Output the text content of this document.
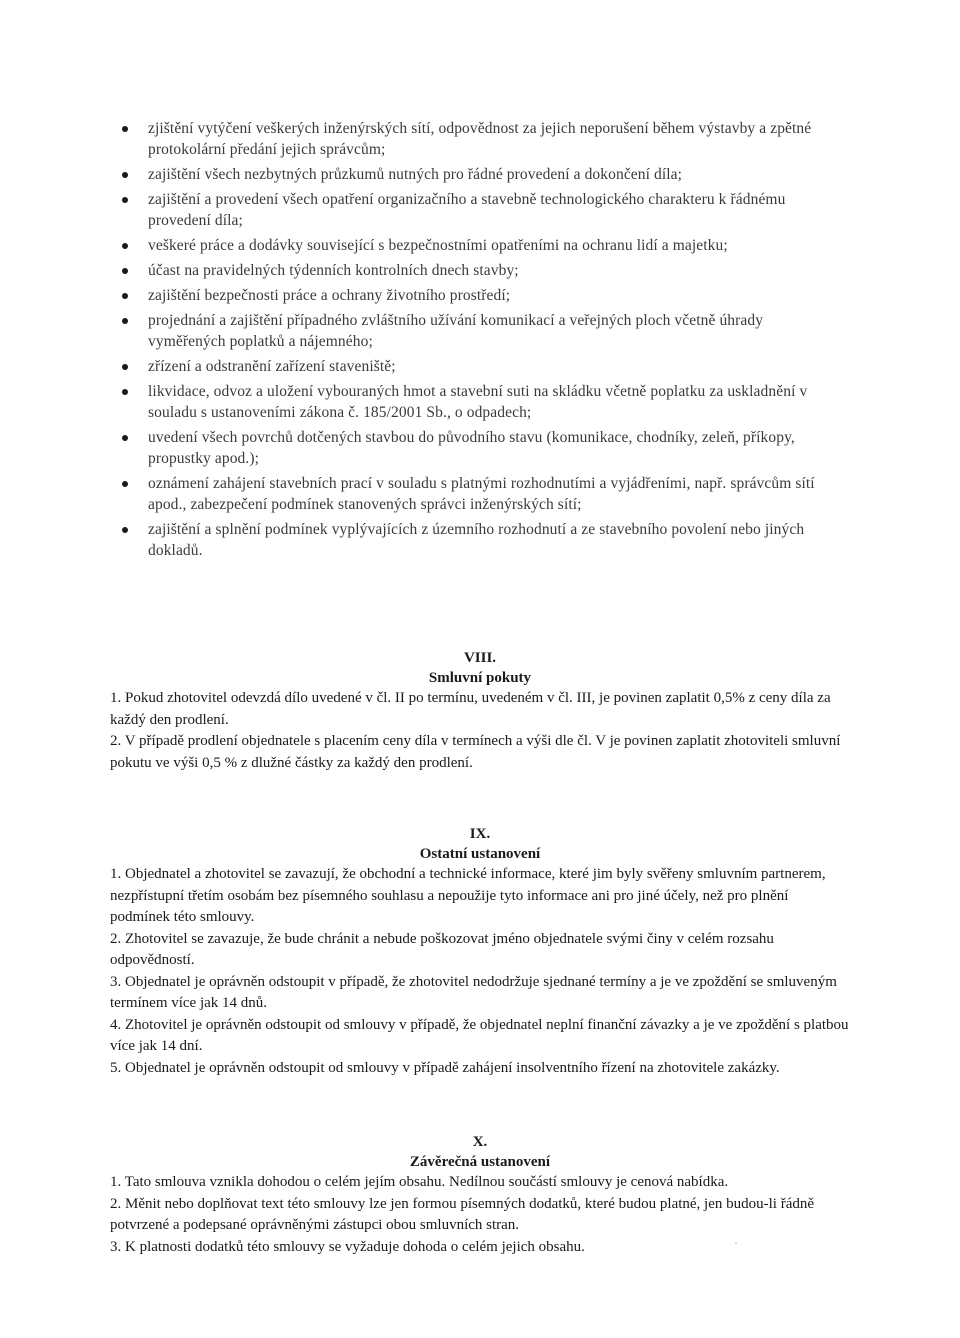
zjištění vytýčení veškerých inženýrských sítí, odpovědnost za jejich neporušení během výstavby a zpětné protokolární předání jejich správcům;
zajištění všech nezbytných průzkumů nutných pro řádné provedení a dokončení díla;
zajištění a provedení všech opatření organizačního a stavebně technologického charakteru k řádnému provedení díla;
veškeré práce a dodávky související s bezpečnostními opatřeními na ochranu lidí a majetku;
účast na pravidelných týdenních kontrolních dnech stavby;
zajištění bezpečnosti práce a ochrany životního prostředí;
projednání a zajištění případného zvláštního užívání komunikací a veřejných ploch včetně úhrady vyměřených poplatků a nájemného;
zřízení a odstranění zařízení staveniště;
likvidace, odvoz a uložení vybouraných hmot a stavební suti na skládku včetně poplatku za uskladnění v souladu s ustanoveními zákona č. 185/2001 Sb., o odpadech;
uvedení všech povrchů dotčených stavbou do původního stavu (komunikace, chodníky, zeleň, příkopy, propustky apod.);
oznámení zahájení stavebních prací v souladu s platnými rozhodnutími a vyjádřeními, např. správcům sítí apod., zabezpečení podmínek stanovených správci inženýrských sítí;
zajištění a splnění podmínek vyplývajících z územního rozhodnutí a ze stavebního povolení nebo jiných dokladů.
VIII.
Smluvní pokuty

1. Pokud zhotovitel odevzdá dílo uvedené v čl. II po termínu, uvedeném v čl. III, je povinen zaplatit 0,5% z ceny díla za každý den prodlení.

2. V případě prodlení objednatele s placením ceny díla v termínech a výši dle čl. V je povinen zaplatit zhotoviteli smluvní pokutu ve výši 0,5 % z dlužné částky za každý den prodlení.

IX.
Ostatní ustanovení

1. Objednatel a zhotovitel se zavazují, že obchodní a technické informace, které jim byly svěřeny smluvním partnerem, nezpřístupní třetím osobám bez písemného souhlasu a nepoužije tyto informace ani pro jiné účely, než pro plnění podmínek této smlouvy.

2. Zhotovitel se zavazuje, že bude chránit a nebude poškozovat jméno objednatele svými činy v celém rozsahu odpovědností.

3. Objednatel je oprávněn odstoupit v případě, že zhotovitel nedodržuje sjednané termíny a je ve zpoždění se smluveným termínem více jak 14 dnů.

4. Zhotovitel je oprávněn odstoupit od smlouvy v případě, že objednatel neplní finanční závazky a je ve zpoždění s platbou více jak 14 dní.

5. Objednatel je oprávněn odstoupit od smlouvy v případě zahájení insolventního řízení na zhotovitele zakázky.

X.
Závěrečná ustanovení

1. Tato smlouva vznikla dohodou o celém jejím obsahu. Nedílnou součástí smlouvy je cenová nabídka.

2. Měnit nebo doplňovat text této smlouvy lze jen formou písemných dodatků, které budou platné, jen budou-li řádně potvrzené a podepsané oprávněnými zástupci obou smluvních stran.

3. K platnosti dodatků této smlouvy se vyžaduje dohoda o celém jejich obsahu.	·
